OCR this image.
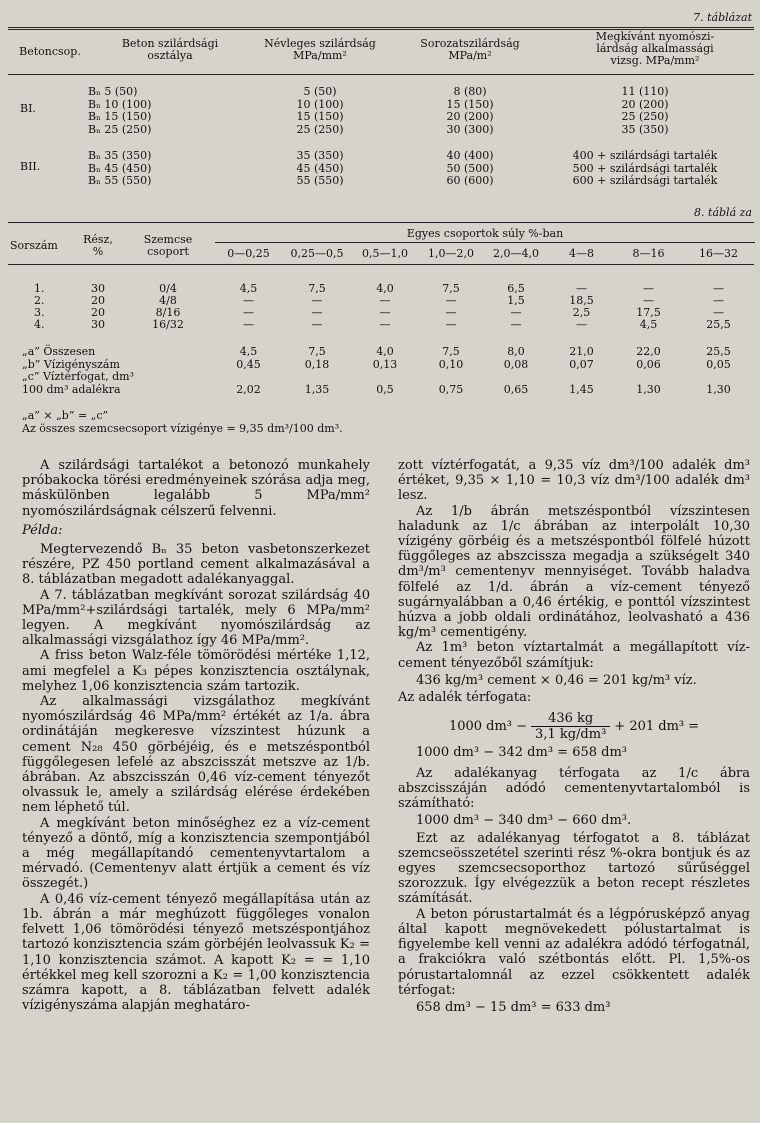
7. táblázat
Betoncsop.
Beton szilárdsági
osztálya
Névleges szilárdság
MPa/mm²
Sorozatszilárdság
MPa/m²
Megkívánt nyomószi-
lárdság alkalmassági
vizsg. MPa/mm²
BI.
Bₙ 5 (50)	5 (50)	8 (80)	11 (110)
Bₙ 10 (100)	10 (100)	15 (150)	20 (200)
Bₙ 15 (150)	15 (150)	20 (200)	25 (250)
Bₙ 25 (250)	25 (250)	30 (300)	35 (350)
BII.
Bₙ 35 (350)	35 (350)	40 (400)	400 + szilárdsági tartalék
Bₙ 45 (450)	45 (450)	50 (500)	500 + szilárdsági tartalék
Bₙ 55 (550)	55 (550)	60 (600)	600 + szilárdsági tartalék
8. táblá za
Sorszám	Rész,
%
Szemcse
csoport
Egyes csoportok súly %-ban
0—0,25	0,25—0,5	0,5—1,0	1,0—2,0	2,0—4,0	4—8	8—16	16—32
1.	30	0/4	4,5	7,5	4,0	7,5	6,5	—	—	—
2.	20	4/8	—	—	—	—	1,5	18,5	—	—
3.	20	8/16	—	—	—	—	—	2,5	17,5	—
4.	30	16/32	—	—	—	—	—	—	4,5	25,5
„a” Összesen	4,5	7,5	4,0	7,5	8,0	21,0	22,0	25,5
„b” Vízigényszám	0,45	0,18	0,13	0,10	0,08	0,07	0,06	0,05
„c” Víztérfogat, dm³
100 dm³ adalékra	2,02	1,35	0,5	0,75	0,65	1,45	1,30	1,30
„a” × „b” = „c”
Az összes szemcsecsoport vízigénye = 9,35 dm³/100 dm³.

A szilárdsági tartalékot a betonozó munkahely próbakocka törési eredményeinek szórása adja meg, máskülönben legalább 5 MPa/mm² nyomószilárdságnak célszerű felvenni.

Példa:

Megtervezendő Bₙ 35 beton vasbetonszerkezet részére, PZ 450 portland cement alkalmazásával a 8. táblázatban megadott adalékanyaggal.

A 7. táblázatban megkívánt sorozat szilárdság 40 MPa/mm²+szilárdsági tartalék, mely 6 MPa/mm² legyen. A megkívánt nyomószilárdság az alkalmassági vizsgálathoz így 46 MPa/mm².

A friss beton Walz-féle tömörödési mértéke 1,12, ami megfelel a K₃ pépes konzisztencia osztálynak, melyhez 1,06 konzisztencia szám tartozik.

Az alkalmassági vizsgálathoz megkívánt nyomószilárdság 46 MPa/mm² értékét az 1/a. ábra ordinátáján megkeresve vízszintest húzunk a cement N₂₈ 450 görbéjéig, és e metszéspontból függőlegesen lefelé az abszcisszát metszve az 1/b. ábrában. Az abszcisszán 0,46 víz-cement tényezőt olvassuk le, amely a szilárdság elérése érdekében nem léphető túl.

A megkívánt beton minőséghez ez a víz-cement tényező a döntő, míg a konzisztencia szempontjából a még megállapítandó cementenyvtartalom a mérvadó. (Cementenyv alatt értjük a cement és víz összegét.)

A 0,46 víz-cement tényező megállapítása után az 1b. ábrán a már meghúzott függőleges vonalon felvett 1,06 tömörödési tényező metszéspontjához tartozó konzisztencia szám görbéjén leolvassuk K₂ = 1,10 konzisztencia számot. A kapott K₂ = = 1,10 értékkel meg kell szorozni a K₂ = 1,00 konzisztencia számra kapott, a 8. táblázatban felvett adalék vízigényszáma alapján meghatáro-

zott víztérfogatát, a 9,35 víz dm³/100 adalék dm³ értéket, 9,35 × 1,10 = 10,3 víz dm³/100 adalék dm³ lesz.

Az 1/b ábrán metszéspontból vízszintesen haladunk az 1/c ábrában az interpolált 10,30 vízigény görbéig és a metszéspontból fölfelé húzott függőleges az abszcissza megadja a szükségelt 340 dm³/m³ cementenyv mennyiséget. Tovább haladva fölfelé az 1/d. ábrán a víz-cement tényező sugárnyalábban a 0,46 értékig, e ponttól vízszintest húzva a jobb oldali ordinátához, leolvasható a 436 kg/m³ cementigény.

Az 1m³ beton víztartalmát a megállapított víz-cement tényezőből számítjuk:

436 kg/m³ cement × 0,46 = 201 kg/m³ víz.

Az adalék térfogata:

1000 $dm^3 - \frac{436 kg}{\text{3,1 kg/dm³}} + 201$ dm³ =

1000 dm³ − 342 dm³ = 658 dm³

Az adalékanyag térfogata az 1/c ábra abszcisszáján adódó cementenyvtartalomból is számítható:

1000 dm³ − 340 dm³ − 660 dm³.

Ezt az adalékanyag térfogatot a 8. táblázat szemcseösszetétel szerinti rész %-okra bontjuk és az egyes szemcsecsoporthoz tartozó sűrűséggel szorozzuk. Így elvégezzük a beton recept részletes számítását.

A beton pórustartalmát és a légpórusképző anyag által kapott megnövekedett pólustartalmat is figyelembe kell venni az adalékra adódó térfogatnál, a frakciókra való szétbontás előtt. Pl. 1,5%-os pórustartalomnál az ezzel csökkentett adalék térfogat:

658 dm³ − 15 dm³ = 633 dm³
